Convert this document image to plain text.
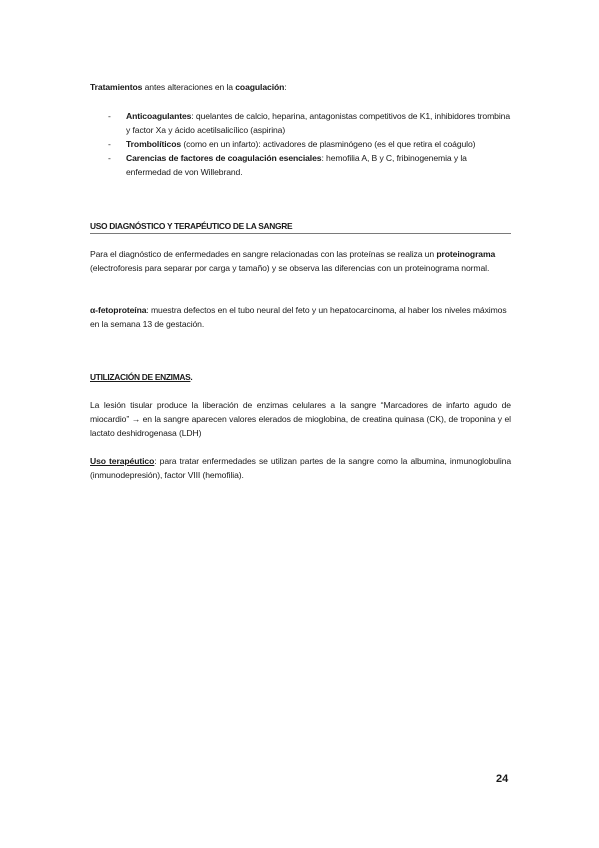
Tratamientos antes alteraciones en la coagulación:
- Anticoagulantes: quelantes de calcio, heparina, antagonistas competitivos de K1, inhibidores trombina y factor Xa y ácido acetilsalicílico (aspirina)
- Trombolíticos (como en un infarto): activadores de plasminógeno (es el que retira el coágulo)
- Carencias de factores de coagulación esenciales: hemofilia A, B y C, fribinogenemia y la enfermedad de von Willebrand.
USO DIAGNÓSTICO Y TERAPÉUTICO DE LA SANGRE
Para el diagnóstico de enfermedades en sangre relacionadas con las proteínas se realiza un proteinograma (electroforesis para separar por carga y tamaño) y se observa las diferencias con un proteinograma normal.
α-fetoproteína: muestra defectos en el tubo neural del feto y un hepatocarcinoma, al haber los niveles máximos en la semana 13 de gestación.
UTILIZACIÓN DE ENZIMAS.
La lesión tisular produce la liberación de enzimas celulares a la sangre “Marcadores de infarto agudo de miocardio” → en la sangre aparecen valores elerados de mioglobina, de creatina quinasa (CK), de troponina y el lactato deshidrogenasa (LDH)
Uso terapéutico: para tratar enfermedades se utilizan partes de la sangre como la albumina, inmunoglobulina (inmunodepresión), factor VIII (hemofilia).
24
